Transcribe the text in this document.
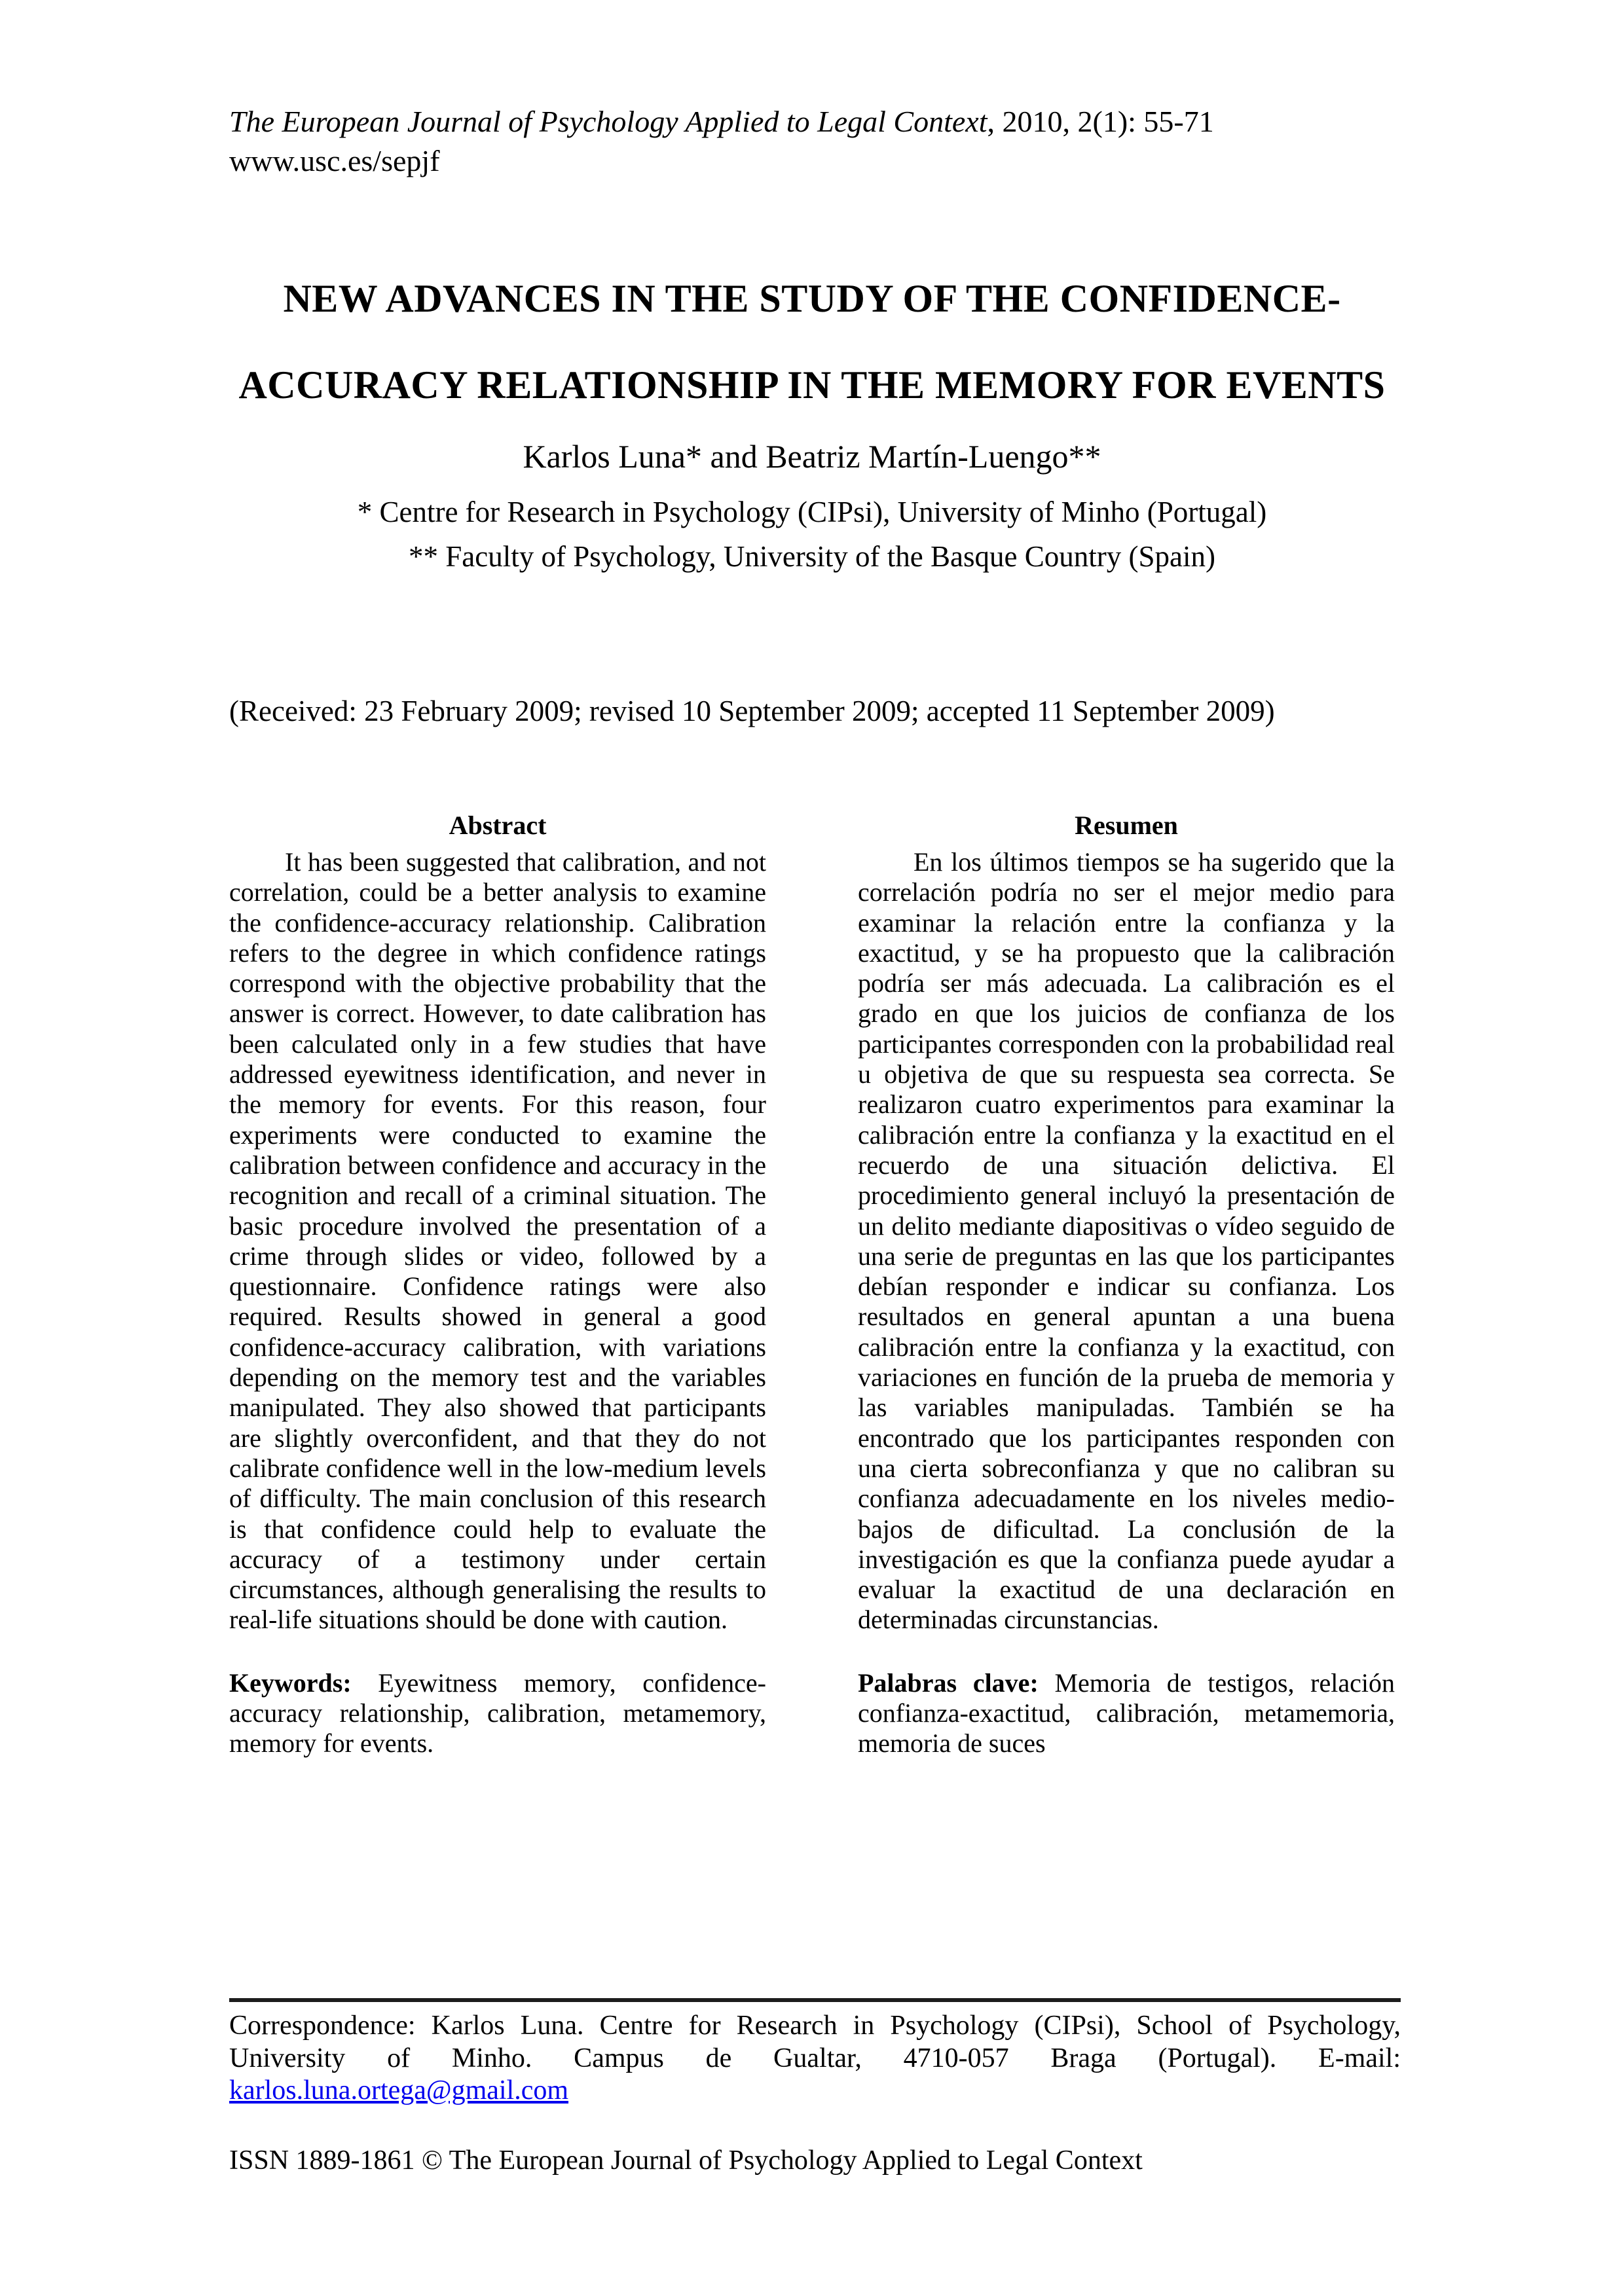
The European Journal of Psychology Applied to Legal Context, 2010, 2(1): 55-71
www.usc.es/sepjf
NEW ADVANCES IN THE STUDY OF THE CONFIDENCE-
ACCURACY RELATIONSHIP IN THE MEMORY FOR EVENTS
Karlos Luna* and Beatriz Martín-Luengo**
* Centre for Research in Psychology (CIPsi), University of Minho (Portugal)
** Faculty of Psychology, University of the Basque Country (Spain)
(Received: 23 February 2009; revised 10 September 2009; accepted 11 September 2009)

Abstract

It has been suggested that calibration, and not correlation, could be a better analysis to examine the confidence-accuracy relationship. Calibration refers to the degree in which confidence ratings correspond with the objective probability that the answer is correct. However, to date calibration has been calculated only in a few studies that have addressed eyewitness identification, and never in the memory for events. For this reason, four experiments were conducted to examine the calibration between confidence and accuracy in the recognition and recall of a criminal situation. The basic procedure involved the presentation of a crime through slides or video, followed by a questionnaire. Confidence ratings were also required. Results showed in general a good confidence-accuracy calibration, with variations depending on the memory test and the variables manipulated. They also showed that participants are slightly overconfident, and that they do not calibrate confidence well in the low-medium levels of difficulty. The main conclusion of this research is that confidence could help to evaluate the accuracy of a testimony under certain circumstances, although generalising the results to real-life situations should be done with caution.

Keywords: Eyewitness memory, confidence-accuracy relationship, calibration, metamemory, memory for events.

Resumen

En los últimos tiempos se ha sugerido que la correlación podría no ser el mejor medio para examinar la relación entre la confianza y la exactitud, y se ha propuesto que la calibración podría ser más adecuada. La calibración es el grado en que los juicios de confianza de los participantes corresponden con la probabilidad real u objetiva de que su respuesta sea correcta. Se realizaron cuatro experimentos para examinar la calibración entre la confianza y la exactitud en el recuerdo de una situación delictiva. El procedimiento general incluyó la presentación de un delito mediante diapositivas o vídeo seguido de una serie de preguntas en las que los participantes debían responder e indicar su confianza. Los resultados en general apuntan a una buena calibración entre la confianza y la exactitud, con variaciones en función de la prueba de memoria y las variables manipuladas. También se ha encontrado que los participantes responden con una cierta sobreconfianza y que no calibran su confianza adecuadamente en los niveles medio-bajos de dificultad. La conclusión de la investigación es que la confianza puede ayudar a evaluar la exactitud de una declaración en determinadas circunstancias.

Palabras clave: Memoria de testigos, relación confianza-exactitud, calibración, metamemoria, memoria de suces

Correspondence: Karlos Luna. Centre for Research in Psychology (CIPsi), School of Psychology, University of Minho. Campus de Gualtar, 4710-057 Braga (Portugal). E-mail: karlos.luna.ortega@gmail.com
ISSN 1889-1861 © The European Journal of Psychology Applied to Legal Context
